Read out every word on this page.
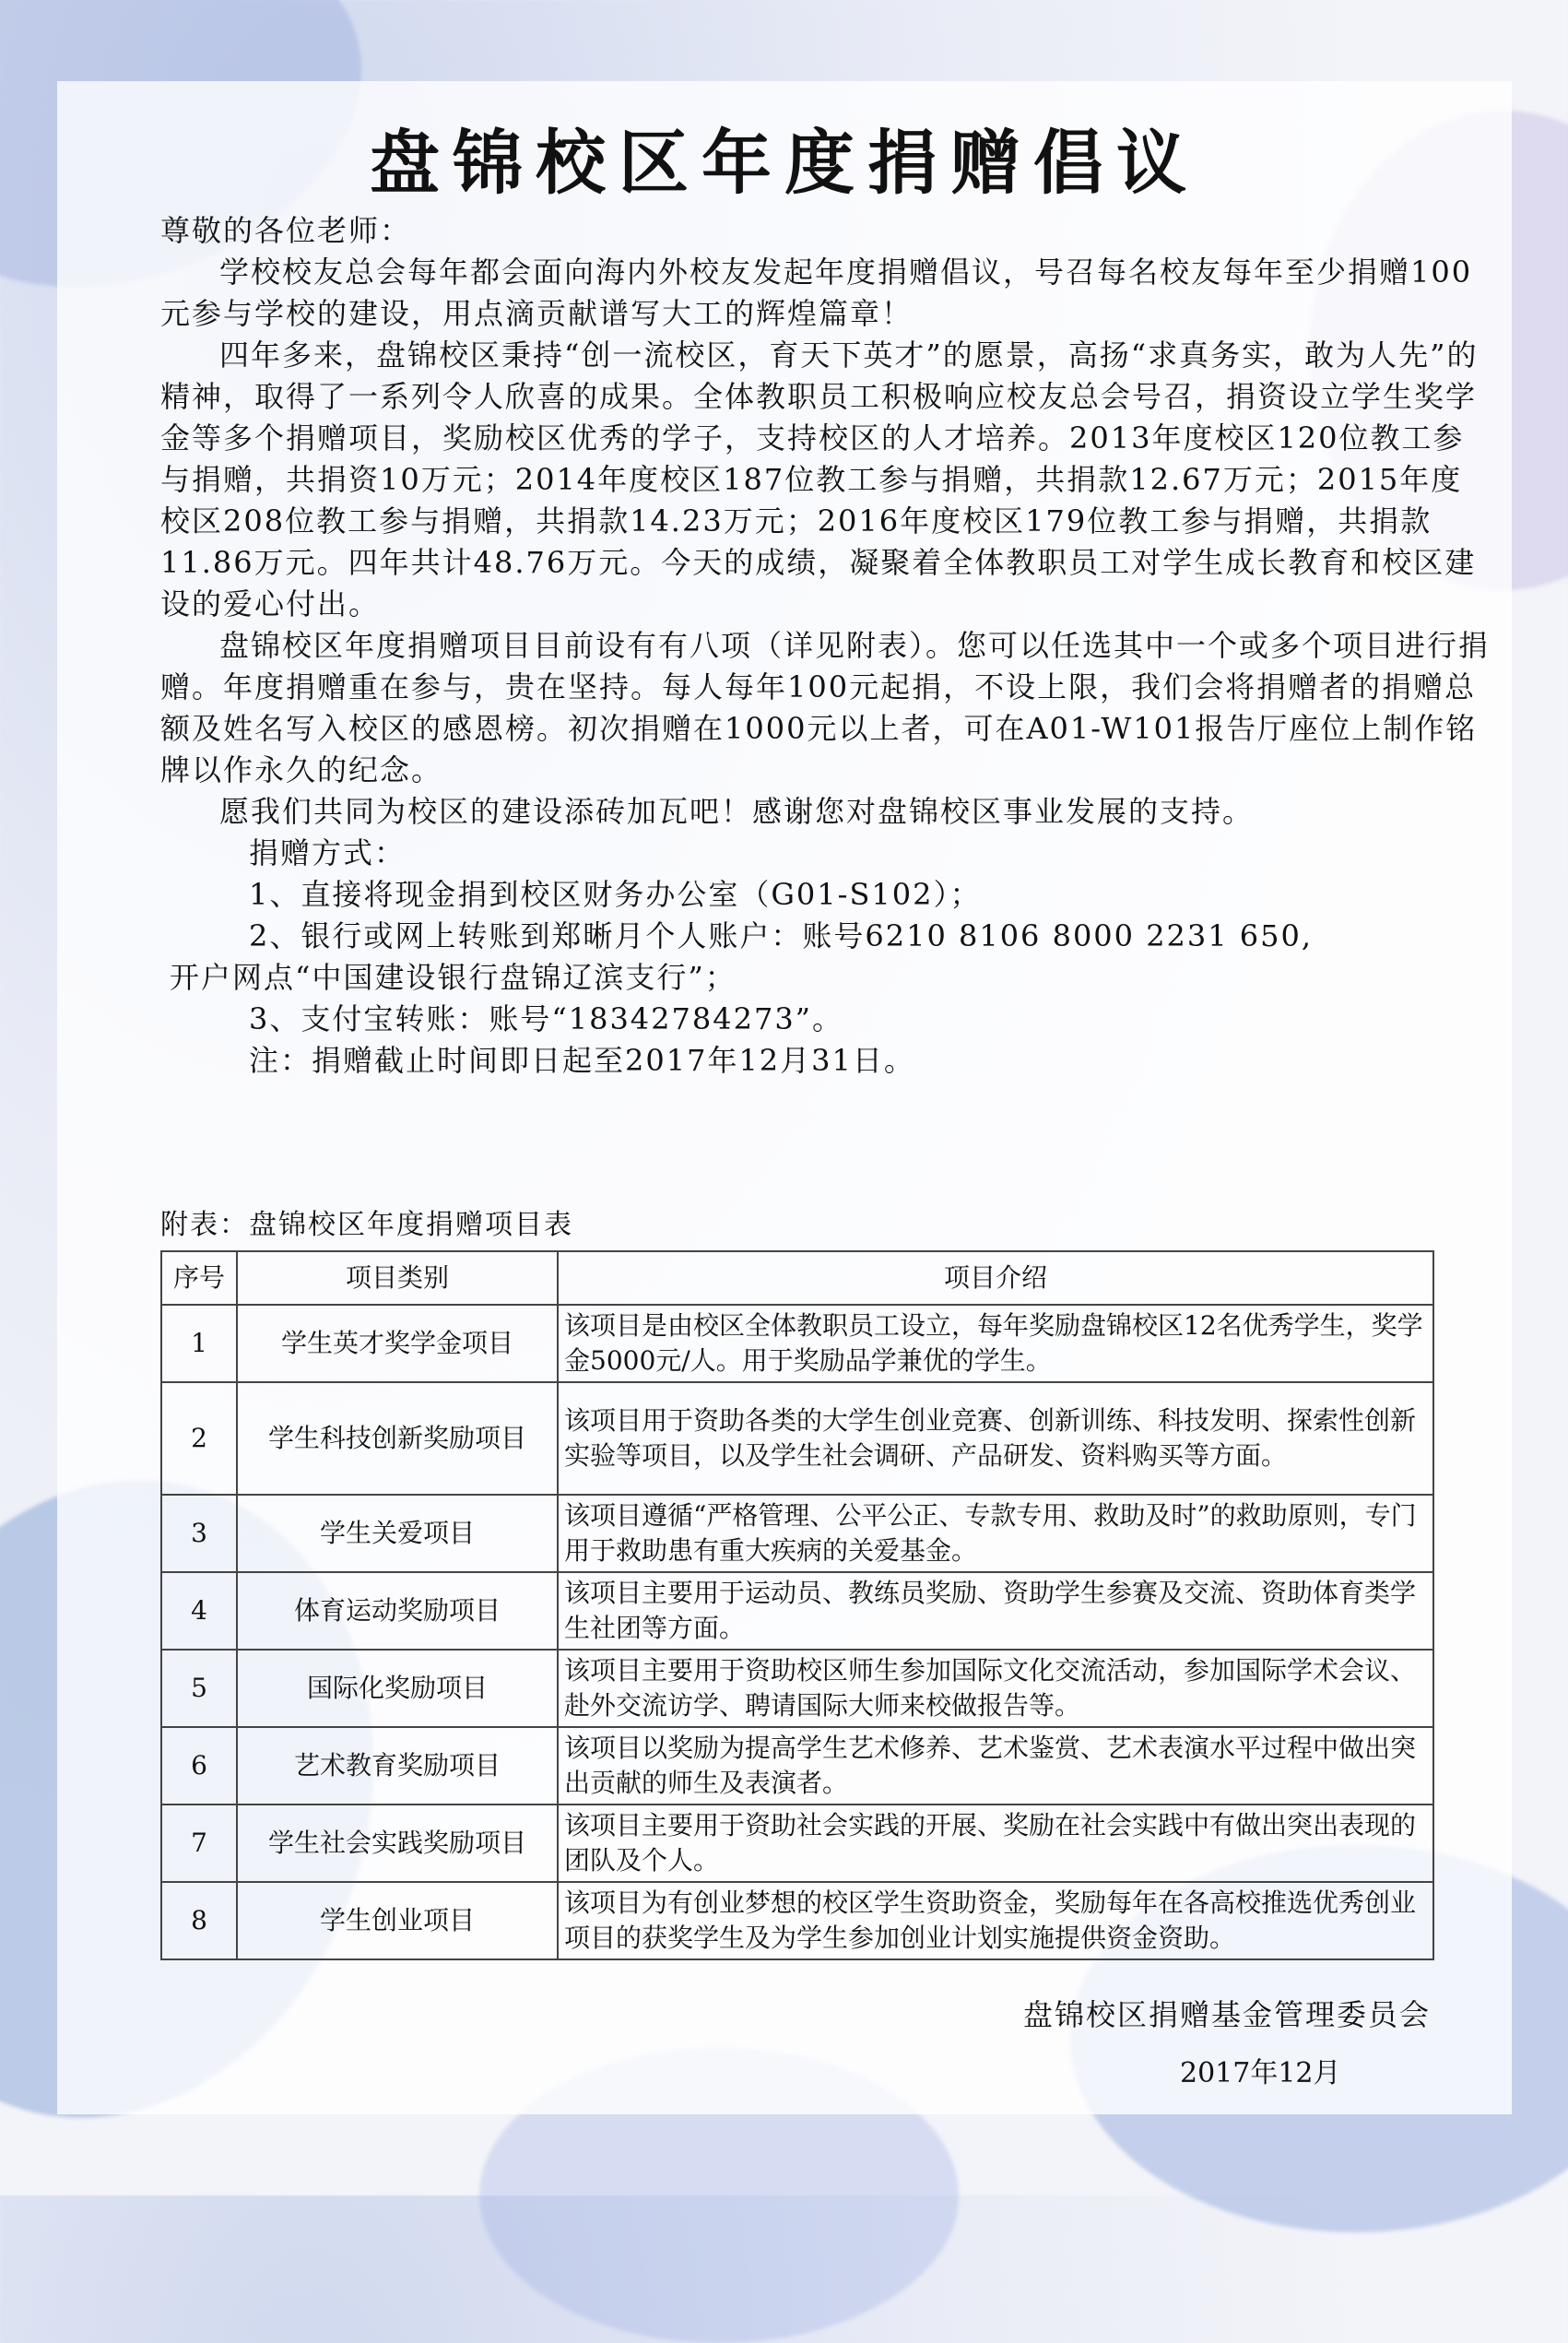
盘锦校区年度捐赠倡议

尊敬的各位老师：

学校校友总会每年都会面向海内外校友发起年度捐赠倡议，号召每名校友每年至少捐赠100元参与学校的建设，用点滴贡献谱写大工的辉煌篇章！

四年多来，盘锦校区秉持“创一流校区，育天下英才”的愿景，高扬“求真务实，敢为人先”的精神，取得了一系列令人欣喜的成果。全体教职员工积极响应校友总会号召，捐资设立学生奖学金等多个捐赠项目，奖励校区优秀的学子，支持校区的人才培养。2013年度校区120位教工参与捐赠，共捐资10万元；2014年度校区187位教工参与捐赠，共捐款12.67万元；2015年度校区208位教工参与捐赠，共捐款14.23万元；2016年度校区179位教工参与捐赠，共捐款11.86万元。四年共计48.76万元。今天的成绩，凝聚着全体教职员工对学生成长教育和校区建设的爱心付出。

盘锦校区年度捐赠项目目前设有有八项（详见附表）。您可以任选其中一个或多个项目进行捐赠。年度捐赠重在参与，贵在坚持。每人每年100元起捐，不设上限，我们会将捐赠者的捐赠总额及姓名写入校区的感恩榜。初次捐赠在1000元以上者，可在A01-W101报告厅座位上制作铭牌以作永久的纪念。

愿我们共同为校区的建设添砖加瓦吧！感谢您对盘锦校区事业发展的支持。

捐赠方式：

1、直接将现金捐到校区财务办公室（G01-S102）；

2、银行或网上转账到郑晰月个人账户：账号6210 8106 8000 2231 650,

开户网点“中国建设银行盘锦辽滨支行”；

3、支付宝转账：账号“18342784273”。

注：捐赠截止时间即日起至2017年12月31日。

附表：盘锦校区年度捐赠项目表
序号	项目类别	项目介绍
1	学生英才奖学金项目	该项目是由校区全体教职员工设立，每年奖励盘锦校区12名优秀学生，奖学金5000元/人。用于奖励品学兼优的学生。
2	学生科技创新奖励项目	该项目用于资助各类的大学生创业竞赛、创新训练、科技发明、探索性创新实验等项目，以及学生社会调研、产品研发、资料购买等方面。
3	学生关爱项目	该项目遵循“严格管理、公平公正、专款专用、救助及时”的救助原则，专门用于救助患有重大疾病的关爱基金。
4	体育运动奖励项目	该项目主要用于运动员、教练员奖励、资助学生参赛及交流、资助体育类学生社团等方面。
5	国际化奖励项目	该项目主要用于资助校区师生参加国际文化交流活动，参加国际学术会议、赴外交流访学、聘请国际大师来校做报告等。
6	艺术教育奖励项目	该项目以奖励为提高学生艺术修养、艺术鉴赏、艺术表演水平过程中做出突出贡献的师生及表演者。
7	学生社会实践奖励项目	该项目主要用于资助社会实践的开展、奖励在社会实践中有做出突出表现的团队及个人。
8	学生创业项目	该项目为有创业梦想的校区学生资助资金，奖励每年在各高校推选优秀创业项目的获奖学生及为学生参加创业计划实施提供资金资助。
盘锦校区捐赠基金管理委员会
2017年12月
